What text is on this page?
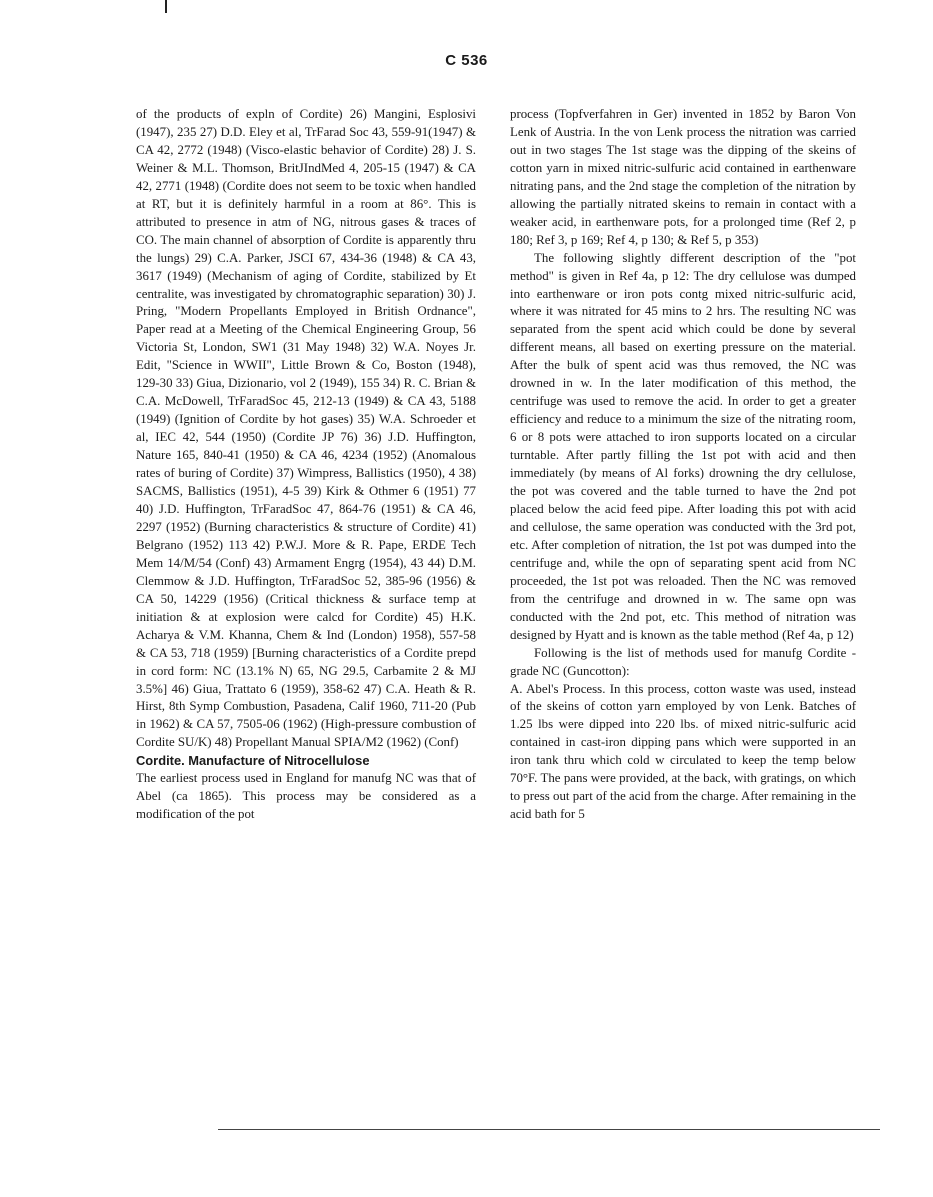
C 536

of the products of expln of Cordite) 26) Mangini, Esplosivi (1947), 235 27) D.D. Eley et al, TrFarad Soc 43, 559-91(1947) & CA 42, 2772 (1948) (Visco-elastic behavior of Cordite) 28) J. S. Weiner & M.L. Thomson, BritJIndMed 4, 205-15 (1947) & CA 42, 2771 (1948) (Cordite does not seem to be toxic when handled at RT, but it is definitely harmful in a room at 86°. This is attributed to presence in atm of NG, nitrous gases & traces of CO. The main channel of absorption of Cordite is apparently thru the lungs) 29) C.A. Parker, JSCI 67, 434-36 (1948) & CA 43, 3617 (1949) (Mechanism of aging of Cordite, stabilized by Et centralite, was investigated by chromatographic separation) 30) J. Pring, "Modern Propellants Employed in British Ordnance", Paper read at a Meeting of the Chemical Engineering Group, 56 Victoria St, London, SW1 (31 May 1948) 32) W.A. Noyes Jr. Edit, "Science in WWII", Little Brown & Co, Boston (1948), 129-30 33) Giua, Dizionario, vol 2 (1949), 155 34) R. C. Brian & C.A. McDowell, TrFaradSoc 45, 212-13 (1949) & CA 43, 5188 (1949) (Ignition of Cordite by hot gases) 35) W.A. Schroeder et al, IEC 42, 544 (1950) (Cordite JP 76) 36) J.D. Huffington, Nature 165, 840-41 (1950) & CA 46, 4234 (1952) (Anomalous rates of buring of Cordite) 37) Wimpress, Ballistics (1950), 4 38) SACMS, Ballistics (1951), 4-5 39) Kirk & Othmer 6 (1951) 77 40) J.D. Huffington, TrFaradSoc 47, 864-76 (1951) & CA 46, 2297 (1952) (Burning characteristics & structure of Cordite) 41) Belgrano (1952) 113 42) P.W.J. More & R. Pape, ERDE Tech Mem 14/M/54 (Conf) 43) Armament Engrg (1954), 43 44) D.M. Clemmow & J.D. Huffington, TrFaradSoc 52, 385-96 (1956) & CA 50, 14229 (1956) (Critical thickness & surface temp at initiation & at explosion were calcd for Cordite) 45) H.K. Acharya & V.M. Khanna, Chem & Ind (London) 1958), 557-58 & CA 53, 718 (1959) [Burning characteristics of a Cordite prepd in cord form: NC (13.1% N) 65, NG 29.5, Carbamite 2 & MJ 3.5%] 46) Giua, Trattato 6 (1959), 358-62 47) C.A. Heath & R. Hirst, 8th Symp Combustion, Pasadena, Calif 1960, 711-20 (Pub in 1962) & CA 57, 7505-06 (1962) (High-pressure combustion of Cordite SU/K) 48) Propellant Manual SPIA/M2 (1962) (Conf)

Cordite. Manufacture of Nitrocellulose

The earliest process used in England for manufg NC was that of Abel (ca 1865). This process may be considered as a modification of the pot

process (Topfverfahren in Ger) invented in 1852 by Baron Von Lenk of Austria. In the von Lenk process the nitration was carried out in two stages The 1st stage was the dipping of the skeins of cotton yarn in mixed nitric-sulfuric acid contained in earthenware nitrating pans, and the 2nd stage the completion of the nitration by allowing the partially nitrated skeins to remain in contact with a weaker acid, in earthenware pots, for a prolonged time (Ref 2, p 180; Ref 3, p 169; Ref 4, p 130; & Ref 5, p 353)

The following slightly different description of the "pot method" is given in Ref 4a, p 12: The dry cellulose was dumped into earthenware or iron pots contg mixed nitric-sulfuric acid, where it was nitrated for 45 mins to 2 hrs. The resulting NC was separated from the spent acid which could be done by several different means, all based on exerting pressure on the material. After the bulk of spent acid was thus removed, the NC was drowned in w. In the later modification of this method, the centrifuge was used to remove the acid. In order to get a greater efficiency and reduce to a minimum the size of the nitrating room, 6 or 8 pots were attached to iron supports located on a circular turntable. After partly filling the 1st pot with acid and then immediately (by means of Al forks) drowning the dry cellulose, the pot was covered and the table turned to have the 2nd pot placed below the acid feed pipe. After loading this pot with acid and cellulose, the same operation was conducted with the 3rd pot, etc. After completion of nitration, the 1st pot was dumped into the centrifuge and, while the opn of separating spent acid from NC proceeded, the 1st pot was reloaded. Then the NC was removed from the centrifuge and drowned in w. The same opn was conducted with the 2nd pot, etc. This method of nitration was designed by Hyatt and is known as the table method (Ref 4a, p 12)

Following is the list of methods used for manufg Cordite - grade NC (Guncotton):

A. Abel's Process. In this process, cotton waste was used, instead of the skeins of cotton yarn employed by von Lenk. Batches of 1.25 lbs were dipped into 220 lbs. of mixed nitric-sulfuric acid contained in cast-iron dipping pans which were supported in an iron tank thru which cold w circulated to keep the temp below 70°F. The pans were provided, at the back, with gratings, on which to press out part of the acid from the charge. After remaining in the acid bath for 5
